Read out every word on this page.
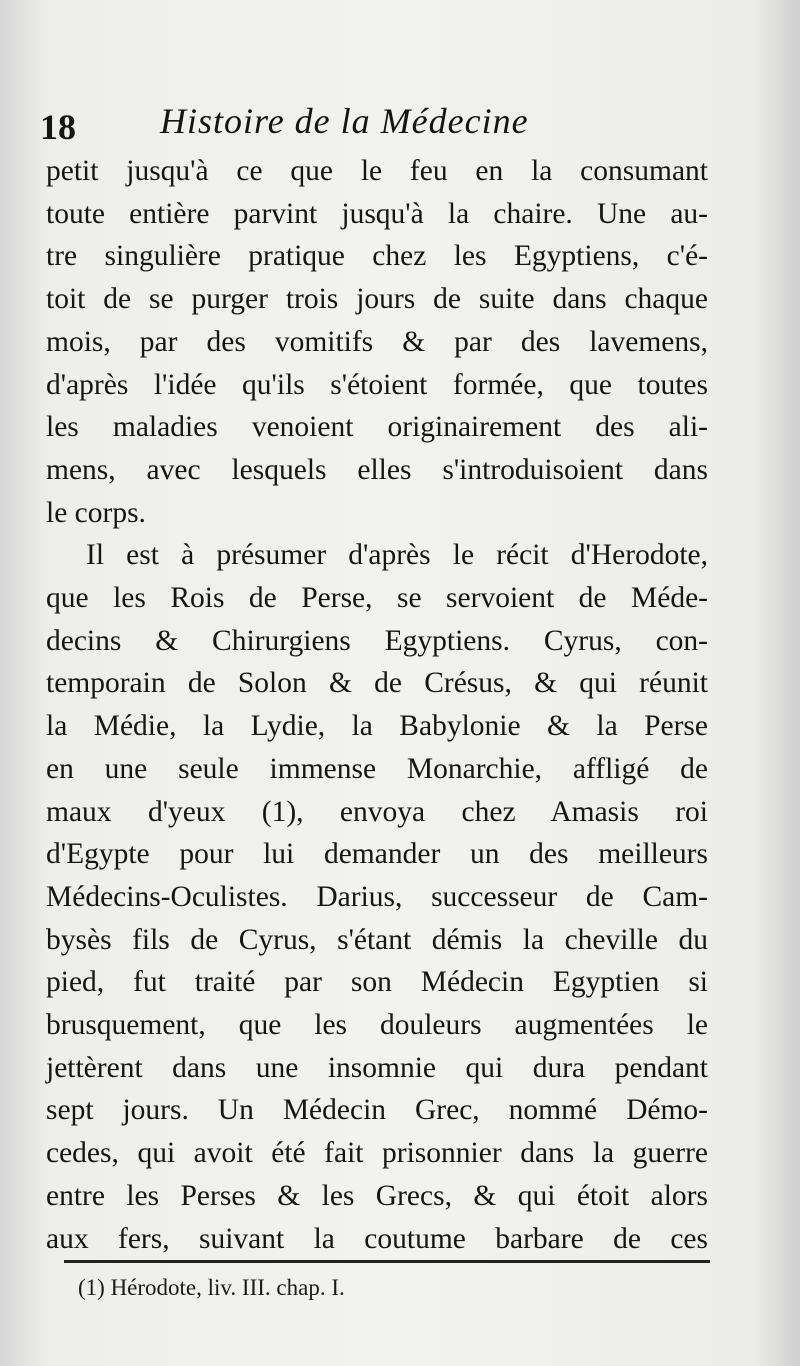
18 Histoire de la Médecine
petit jusqu'à ce que le feu en la consumant
toute entière parvint jusqu'à la chaire. Une au-
tre singulière pratique chez les Egyptiens, c'é-
toit de se purger trois jours de suite dans chaque
mois, par des vomitifs & par des lavemens,
d'après l'idée qu'ils s'étoient formée, que toutes
les maladies venoient originairement des ali-
mens, avec lesquels elles s'introduisoient dans
le corps.
Il est à présumer d'après le récit d'Herodote,
que les Rois de Perse, se servoient de Méde-
decins & Chirurgiens Egyptiens. Cyrus, con-
temporain de Solon & de Crésus, & qui réunit
la Médie, la Lydie, la Babylonie & la Perse
en une seule immense Monarchie, affligé de
maux d'yeux (1), envoya chez Amasis roi
d'Egypte pour lui demander un des meilleurs
Médecins-Oculistes. Darius, successeur de Cam-
bysès fils de Cyrus, s'étant démis la cheville du
pied, fut traité par son Médecin Egyptien si
brusquement, que les douleurs augmentées le
jettèrent dans une insomnie qui dura pendant
sept jours. Un Médecin Grec, nommé Démo-
cedes, qui avoit été fait prisonnier dans la guerre
entre les Perses & les Grecs, & qui étoit alors
aux fers, suivant la coutume barbare de ces
(1) Hérodote, liv. III. chap. I.
